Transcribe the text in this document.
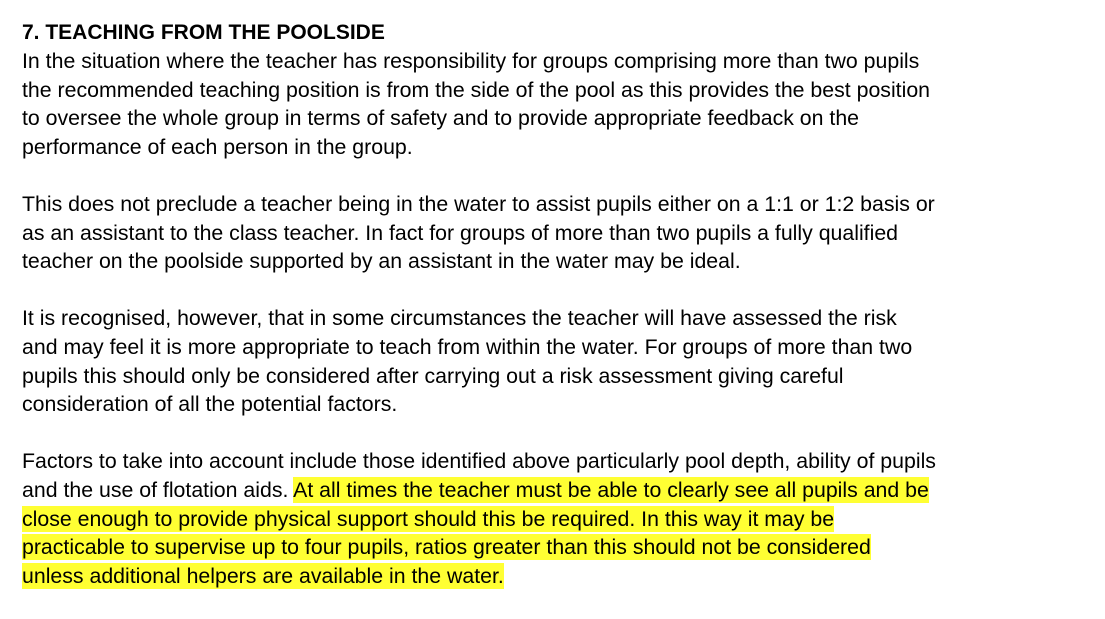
7. TEACHING FROM THE POOLSIDE
In the situation where the teacher has responsibility for groups comprising more than two pupils
the recommended teaching position is from the side of the pool as this provides the best position
to oversee the whole group in terms of safety and to provide appropriate feedback on the
performance of each person in the group.
This does not preclude a teacher being in the water to assist pupils either on a 1:1 or 1:2 basis or
as an assistant to the class teacher. In fact for groups of more than two pupils a fully qualified
teacher on the poolside supported by an assistant in the water may be ideal.
It is recognised, however, that in some circumstances the teacher will have assessed the risk
and may feel it is more appropriate to teach from within the water. For groups of more than two
pupils this should only be considered after carrying out a risk assessment giving careful
consideration of all the potential factors.
Factors to take into account include those identified above particularly pool depth, ability of pupils
and the use of flotation aids. At all times the teacher must be able to clearly see all pupils and be
close enough to provide physical support should this be required. In this way it may be
practicable to supervise up to four pupils, ratios greater than this should not be considered
unless additional helpers are available in the water.
